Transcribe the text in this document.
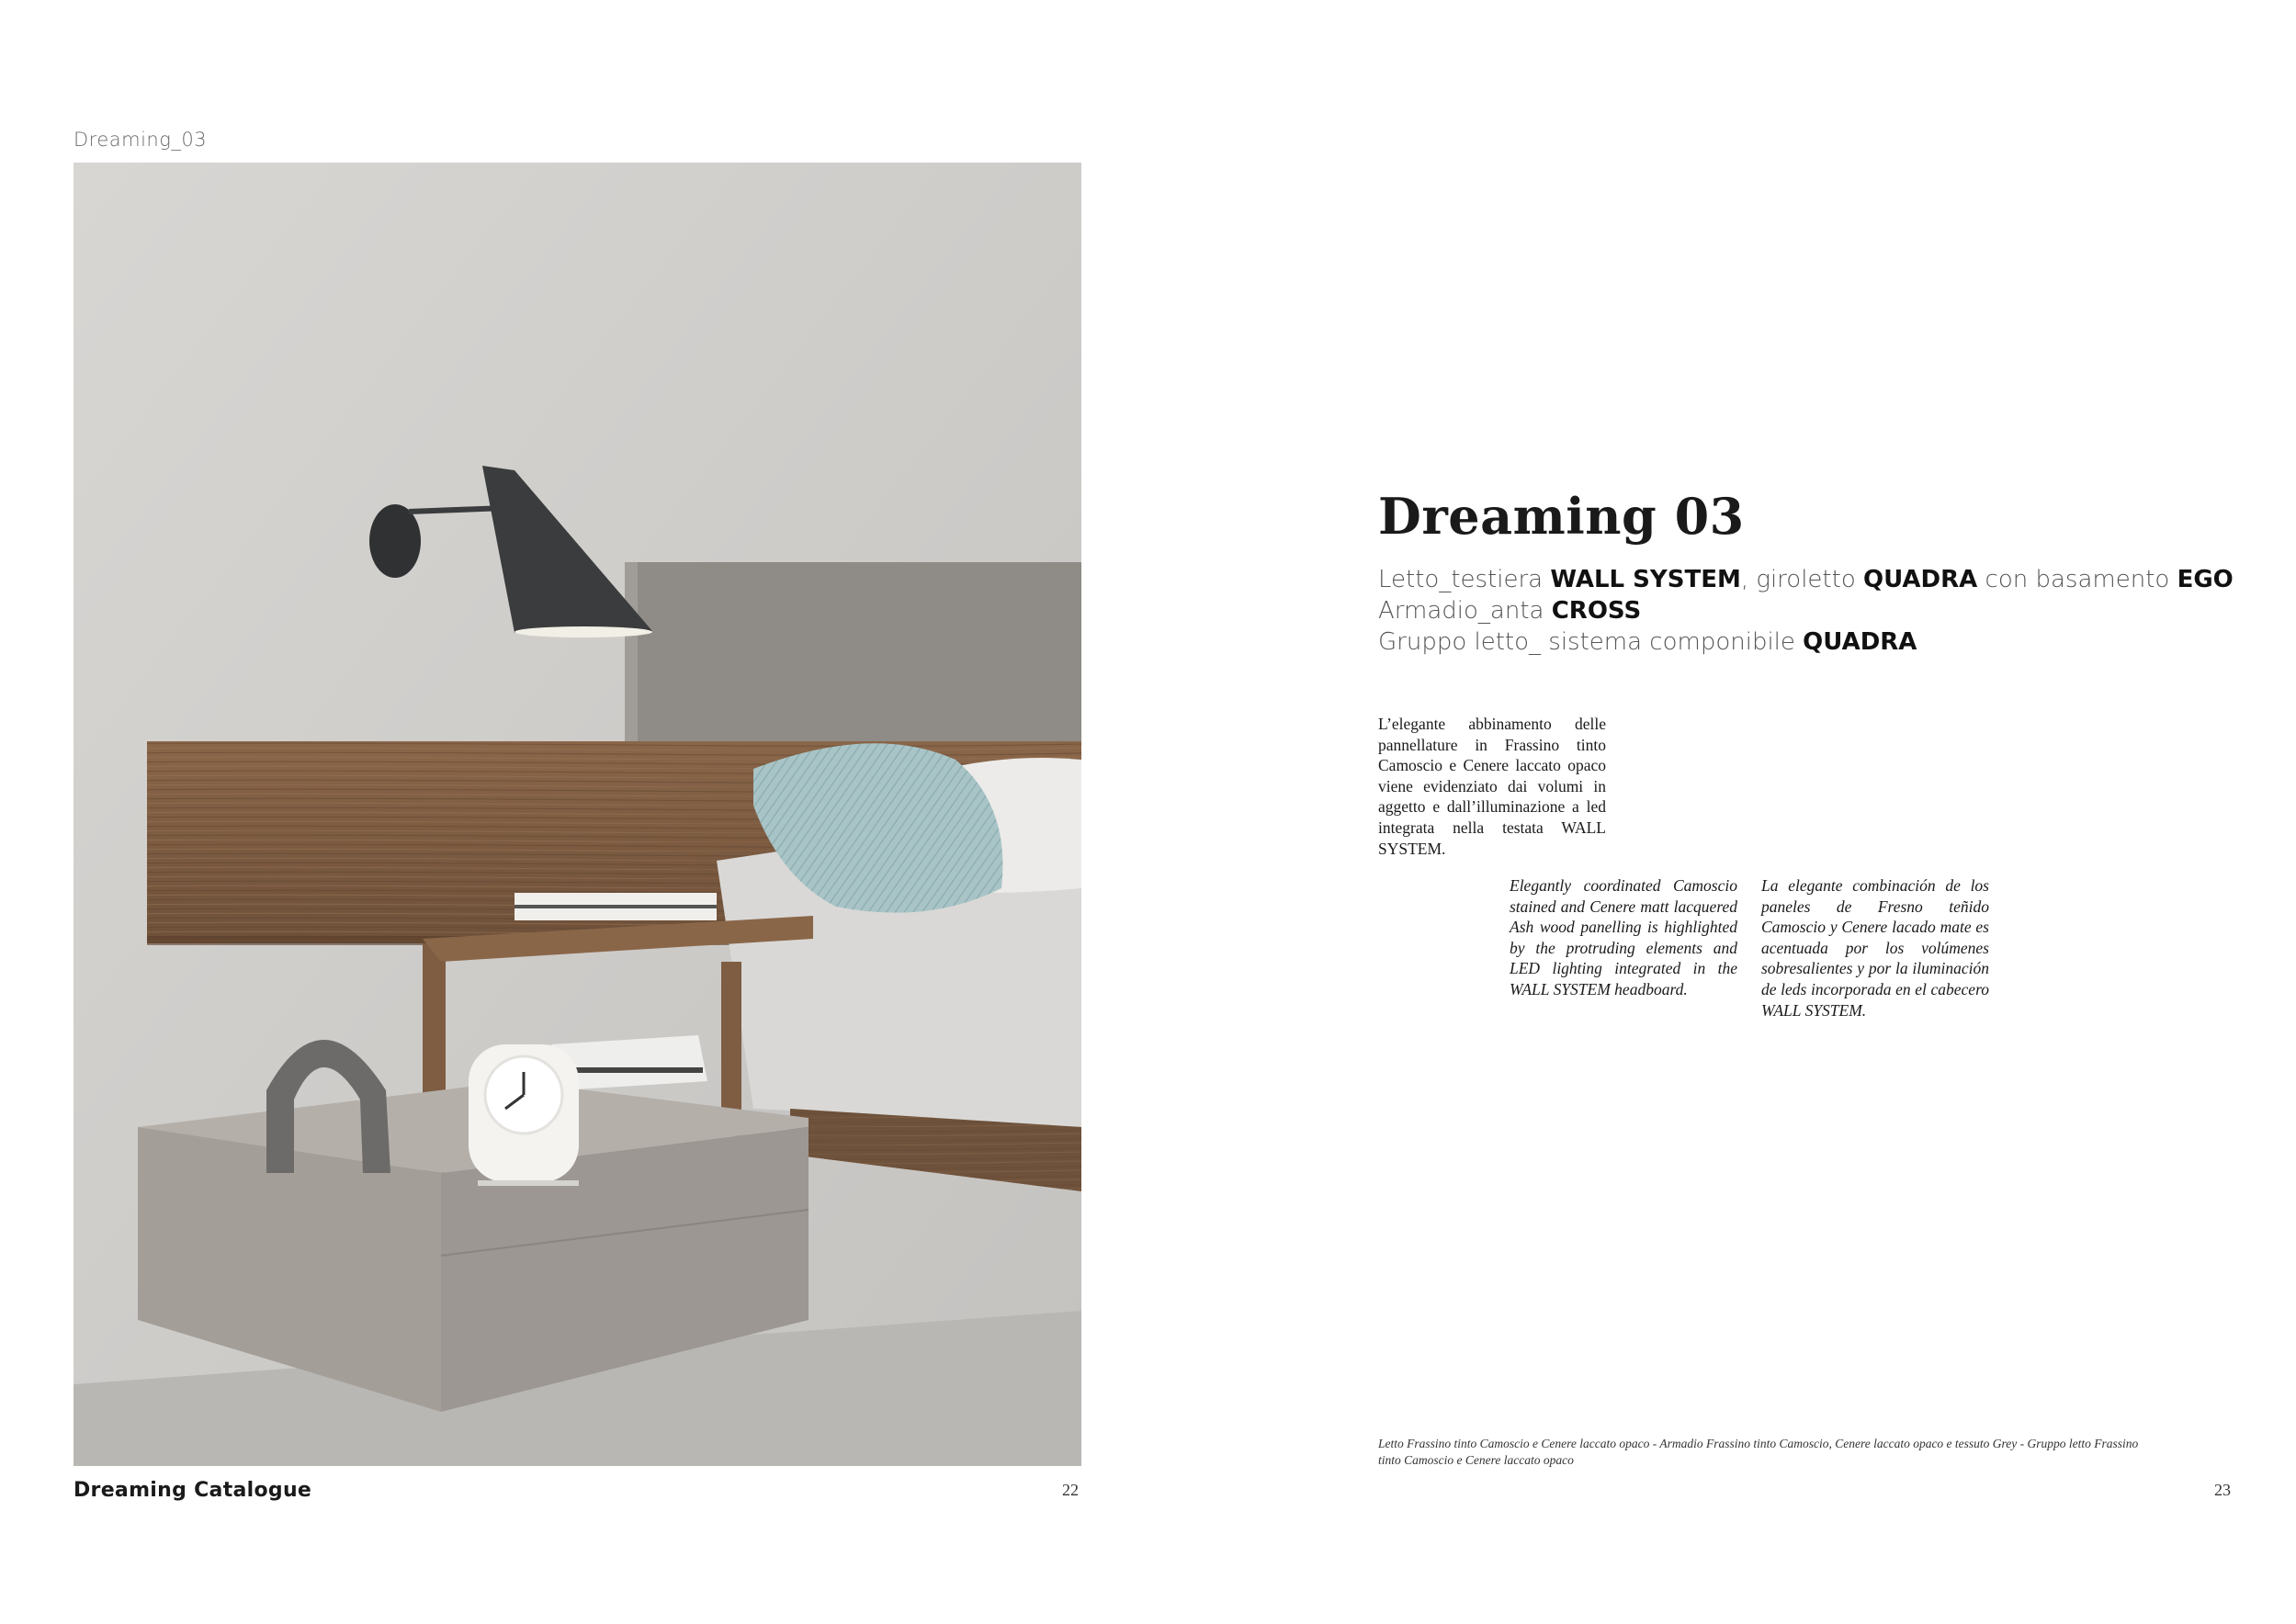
Dreaming_03
Dreaming Catalogue	22	23
Dreaming 03
Letto_testiera WALL SYSTEM, giroletto QUADRA con basamento EGO
Armadio_anta CROSS
Gruppo letto_ sistema componibile QUADRA
L’elegante abbinamento delle pannellature in Frassino tinto Camoscio e Cenere laccato opaco viene evidenziato dai volumi in aggetto e dall’illuminazione a led integrata nella testata WALL SYSTEM.
Elegantly coordinated Camoscio stained and Cenere matt lacquered Ash wood panelling is highlighted by the protruding elements and LED lighting integrated in the WALL SYSTEM headboard.
La elegante combinación de los paneles de Fresno teñido Camoscio y Cenere lacado mate es acentuada por los volúmenes sobresalientes y por la iluminación de leds incorporada en el cabecero WALL SYSTEM.
Letto Frassino tinto Camoscio e Cenere laccato opaco - Armadio Frassino tinto Camoscio, Cenere laccato opaco e tessuto Grey - Gruppo letto Frassino tinto Camoscio e Cenere laccato opaco
